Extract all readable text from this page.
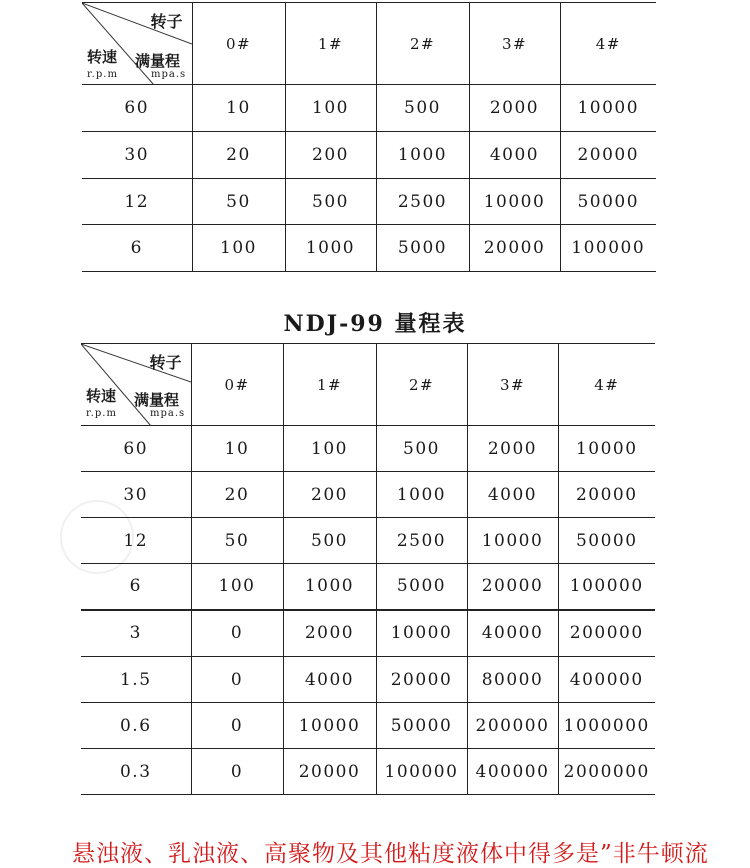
转子
转速 满量程
r.p.m mpa.s	0#	1#	2#	3#	4#
60	10	100	500	2000	10000
30	20	200	1000	4000	20000
12	50	500	2500	10000	50000
6	100	1000	5000	20000	100000
NDJ-99 量程表
转子
转速 满量程
r.p.m mpa.s	0#	1#	2#	3#	4#
60	10	100	500	2000	10000
30	20	200	1000	4000	20000
12	50	500	2500	10000	50000
6	100	1000	5000	20000	100000
3	0	2000	10000	40000	200000
1.5	0	4000	20000	80000	400000
0.6	0	10000	50000	200000	1000000
0.3	0	20000	100000	400000	2000000
悬浊液、乳浊液、高聚物及其他粘度液体中得多是”非牛顿流
